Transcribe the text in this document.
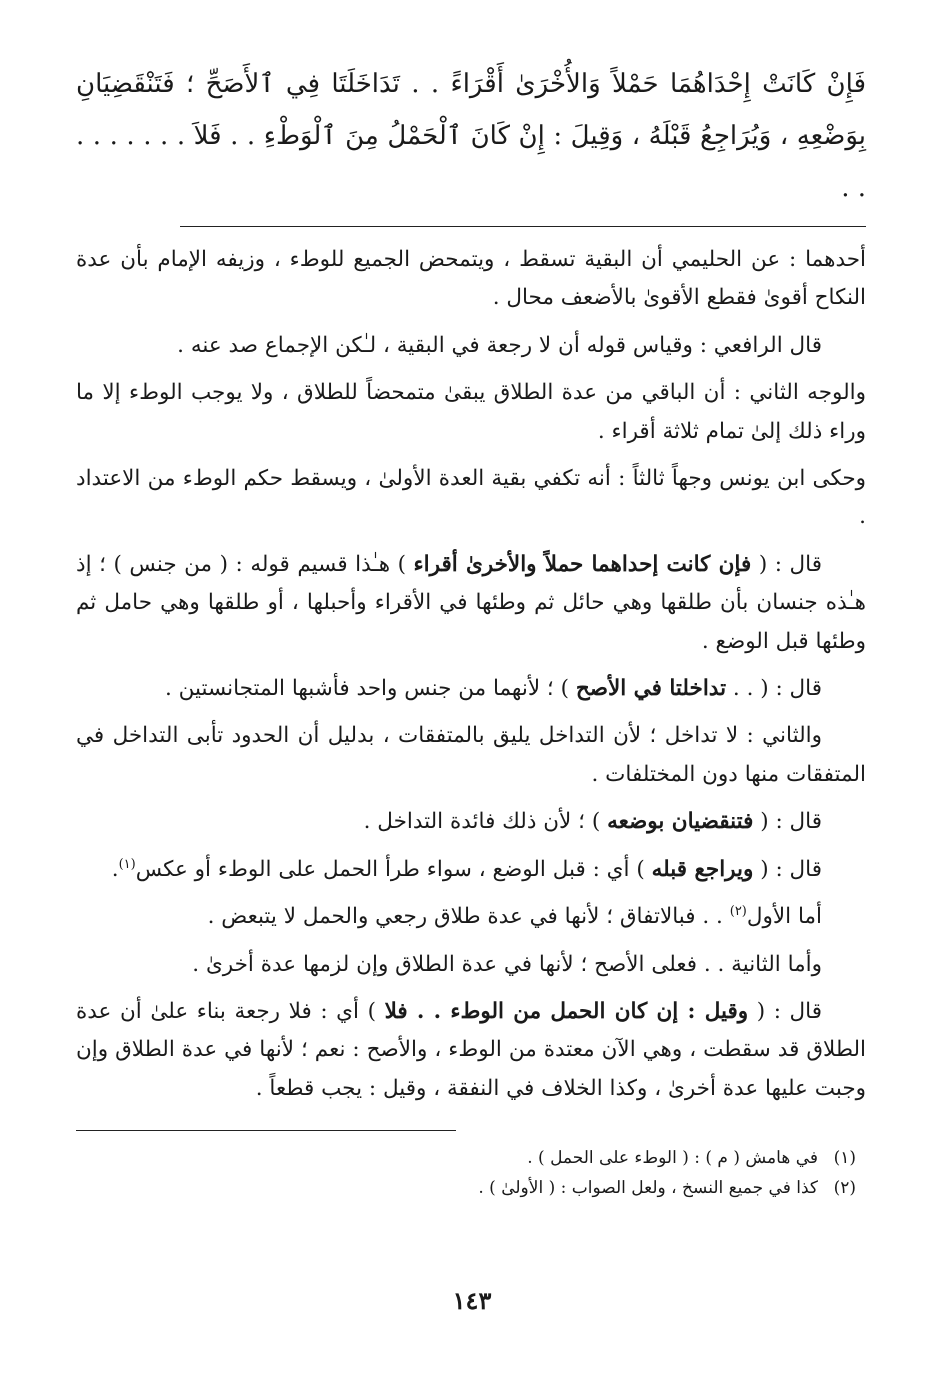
فَإِنْ كَانَتْ إِحْدَاهُمَا حَمْلاً وَالأُخْرَىٰ أَقْرَاءً . . تَدَاخَلَتَا فِي ٱلأَصَحِّ ؛ فَتَنْقَضِيَانِ
بِوَضْعِهِ ، وَيُرَاجِعُ قَبْلَهُ ، وَقِيلَ : إِنْ كَانَ ٱلْحَمْلُ مِنَ ٱلْوَطْءِ . . فَلاَ . . . . . . . . .

أحدهما : عن الحليمي أن البقية تسقط ، ويتمحض الجميع للوطء ، وزيفه الإمام بأن عدة النكاح أقوىٰ فقطع الأقوىٰ بالأضعف محال .

قال الرافعي : وقياس قوله أن لا رجعة في البقية ، لـٰكن الإجماع صد عنه .

والوجه الثاني : أن الباقي من عدة الطلاق يبقىٰ متمحضاً للطلاق ، ولا يوجب الوطء إلا ما وراء ذلك إلىٰ تمام ثلاثة أقراء .

وحكى ابن يونس وجهاً ثالثاً : أنه تكفي بقية العدة الأولىٰ ، ويسقط حكم الوطء من الاعتداد .

قال : ( فإن كانت إحداهما حملاً والأخرىٰ أقراء ) هـٰذا قسيم قوله : ( من جنس ) ؛ إذ هـٰذه جنسان بأن طلقها وهي حائل ثم وطئها في الأقراء وأحبلها ، أو طلقها وهي حامل ثم وطئها قبل الوضع .

قال : ( . . تداخلتا في الأصح ) ؛ لأنهما من جنس واحد فأشبها المتجانستين .

والثاني : لا تداخل ؛ لأن التداخل يليق بالمتفقات ، بدليل أن الحدود تأبى التداخل في المتفقات منها دون المختلفات .

قال : ( فتنقضيان بوضعه ) ؛ لأن ذلك فائدة التداخل .

قال : ( ويراجع قبله ) أي : قبل الوضع ، سواء طرأ الحمل على الوطء أو عكس$^{(١)}$.

أما الأول$^{(٢)}$ . . فبالاتفاق ؛ لأنها في عدة طلاق رجعي والحمل لا يتبعض .

وأما الثانية . . فعلى الأصح ؛ لأنها في عدة الطلاق وإن لزمها عدة أخرىٰ .

قال : ( وقيل : إن كان الحمل من الوطء . . فلا ) أي : فلا رجعة بناء علىٰ أن عدة الطلاق قد سقطت ، وهي الآن معتدة من الوطء ، والأصح : نعم ؛ لأنها في عدة الطلاق وإن وجبت عليها عدة أخرىٰ ، وكذا الخلاف في النفقة ، وقيل : يجب قطعاً .

(١)في هامش ( م ) : ( الوطء على الحمل ) .
(٢)كذا في جميع النسخ ، ولعل الصواب : ( الأولىٰ ) .
١٤٣
